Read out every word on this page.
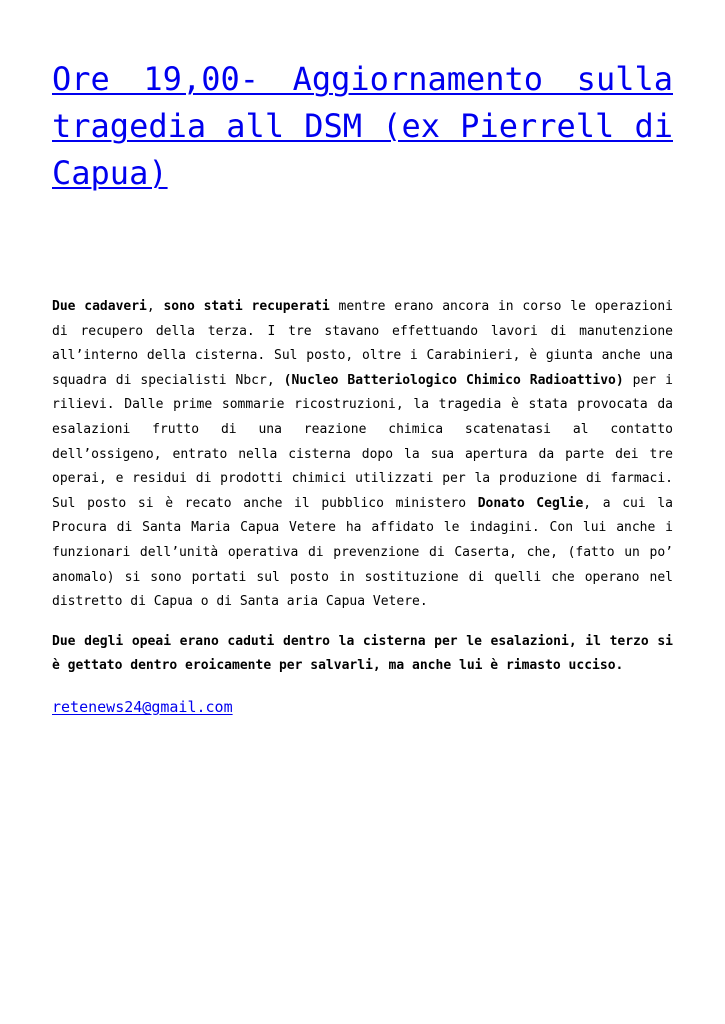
Ore 19,00- Aggiornamento sulla tragedia all DSM (ex Pierrell di Capua)

Due cadaveri, sono stati recuperati mentre erano ancora in corso le operazioni di recupero della terza. I tre stavano effettuando lavori di manutenzione all’interno della cisterna. Sul posto, oltre i Carabinieri, è giunta anche una squadra di specialisti Nbcr, (Nucleo Batteriologico Chimico Radioattivo) per i rilievi. Dalle prime sommarie ricostruzioni, la tragedia è stata provocata da esalazioni frutto di una reazione chimica scatenatasi al contatto dell’ossigeno, entrato nella cisterna dopo la sua apertura da parte dei tre operai, e residui di prodotti chimici utilizzati per la produzione di farmaci. Sul posto si è recato anche il pubblico ministero Donato Ceglie, a cui la Procura di Santa Maria Capua Vetere ha affidato le indagini. Con lui anche i funzionari dell’unità operativa di prevenzione di Caserta, che, (fatto un po’ anomalo) si sono portati sul posto in sostituzione di quelli che operano nel distretto di Capua o di Santa aria Capua Vetere.

Due degli opeai erano caduti dentro la cisterna per le esalazioni, il terzo si è gettato dentro eroicamente per salvarli, ma anche lui è rimasto ucciso.

retenews24@gmail.com
